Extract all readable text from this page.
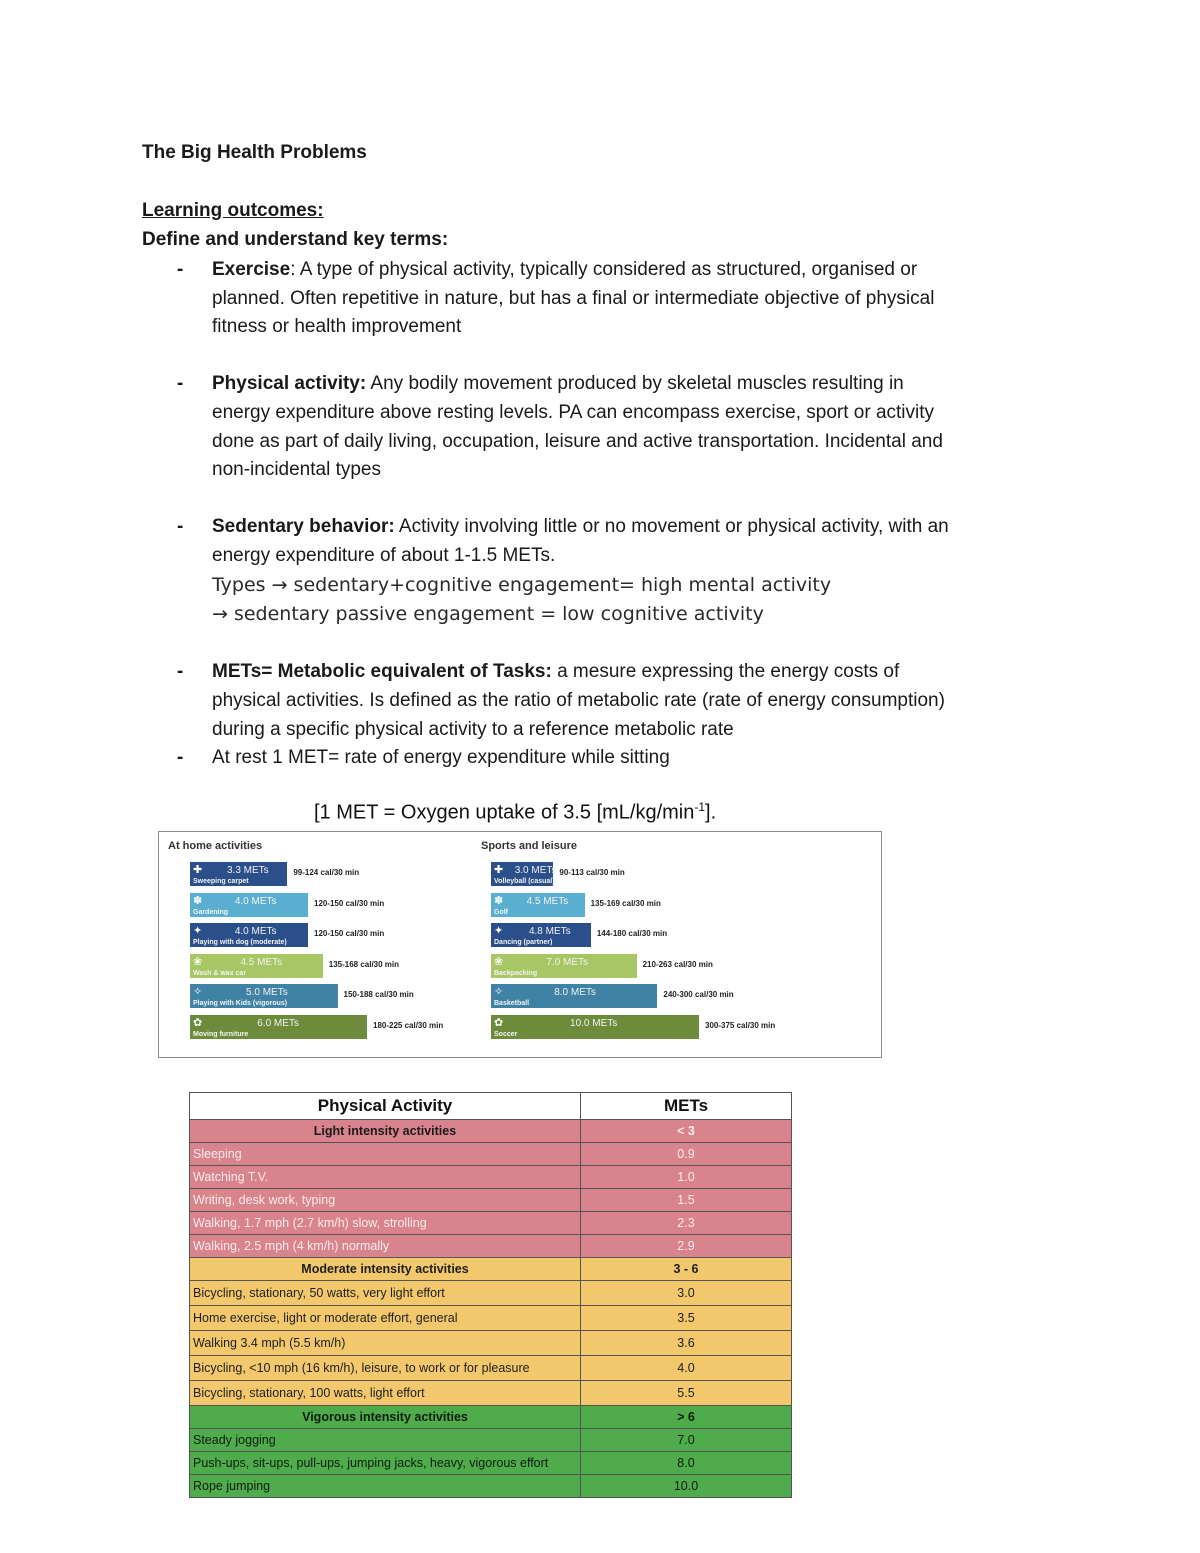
The Big Health Problems
Learning outcomes:
Define and understand key terms:
- Exercise: A type of physical activity, typically considered as structured, organised or
planned. Often repetitive in nature, but has a final or intermediate objective of physical
fitness or health improvement
- Physical activity: Any bodily movement produced by skeletal muscles resulting in
energy expenditure above resting levels. PA can encompass exercise, sport or activity
done as part of daily living, occupation, leisure and active transportation. Incidental and
non-incidental types
- Sedentary behavior: Activity involving little or no movement or physical activity, with an
energy expenditure of about 1-1.5 METs.
Types → sedentary+cognitive engagement= high mental activity
→ sedentary passive engagement = low cognitive activity
- METs= Metabolic equivalent of Tasks: a mesure expressing the energy costs of
physical activities. Is defined as the ratio of metabolic rate (rate of energy consumption)
during a specific physical activity to a reference metabolic rate
- At rest 1 MET= rate of energy expenditure while sitting
[1 MET = Oxygen uptake of 3.5 $[mL/kg/\min^{-1}]$.
At home activities	Sports and leisure
✚ 3.3 METs
Sweeping carpet
99-124 cal/30 min
✽	4.0 METs
Gardening
120-150 cal/30 min
✦	4.0 METs
Playing with dog (moderate)
120-150 cal/30 min
❀	4.5 METs
Wash & wax car
135-168 cal/30 min
✧	5.0 METs
Playing with Kids (vigorous)
150-188 cal/30 min
✿	6.0 METs
Moving furniture
180-225 cal/30 min
✚ 3.0 METs
Volleyball (casual)
90-113 cal/30 min
✽ 4.5 METs
Golf
135-169 cal/30 min
✦	4.8 METs
Dancing (partner)
144-180 cal/30 min
❀	7.0 METs
Backpacking
210-263 cal/30 min
✧	8.0 METs
Basketball
240-300 cal/30 min
✿	10.0 METs
Soccer
300-375 cal/30 min
Physical Activity	METs
Light intensity activities	< 3
Sleeping	0.9
Watching T.V.	1.0
Writing, desk work, typing	1.5
Walking, 1.7 mph (2.7 km/h) slow, strolling	2.3
Walking, 2.5 mph (4 km/h) normally	2.9
Moderate intensity activities	3 - 6
Bicycling, stationary, 50 watts, very light effort	3.0
Home exercise, light or moderate effort, general	3.5
Walking 3.4 mph (5.5 km/h)	3.6
Bicycling, <10 mph (16 km/h), leisure, to work or for pleasure	4.0
Bicycling, stationary, 100 watts, light effort	5.5
Vigorous intensity activities	> 6
Steady jogging	7.0
Push-ups, sit-ups, pull-ups, jumping jacks, heavy, vigorous effort	8.0
Rope jumping	10.0
